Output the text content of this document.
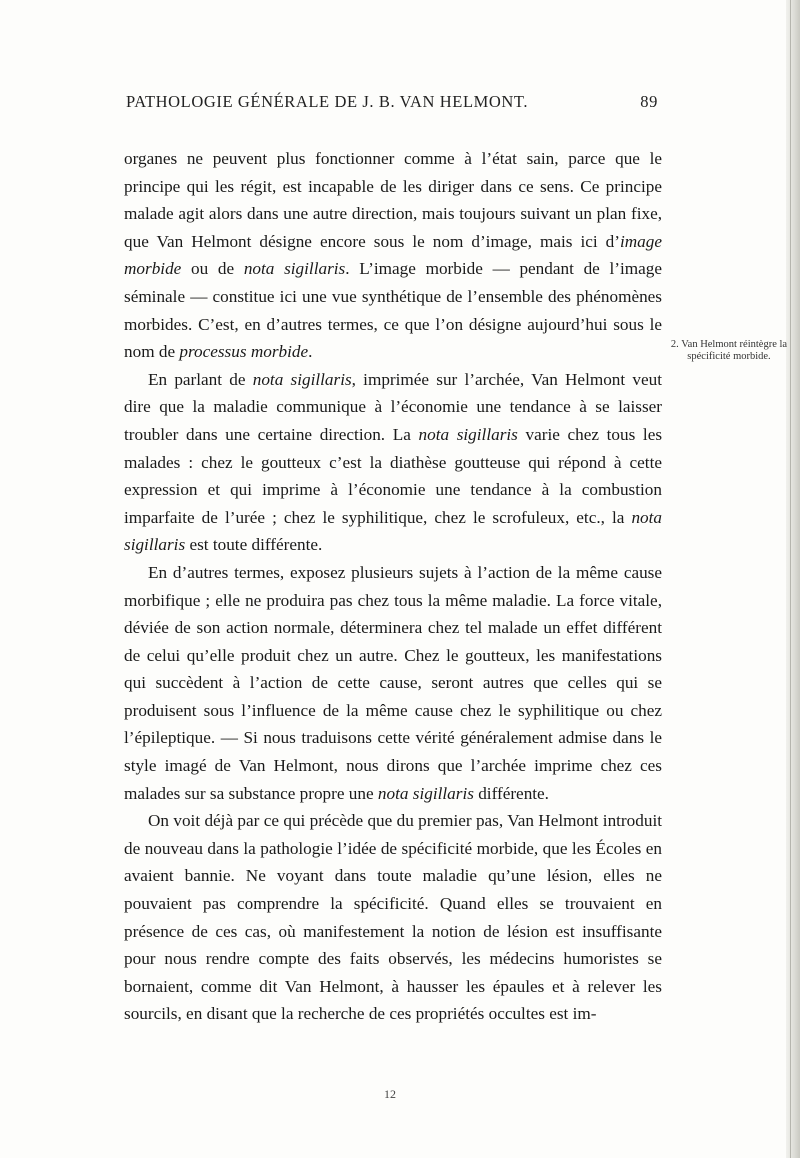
PATHOLOGIE GÉNÉRALE DE J. B. VAN HELMONT.	89

organes ne peuvent plus fonctionner comme à l’état sain, parce que le principe qui les régit, est incapable de les diriger dans ce sens. Ce principe malade agit alors dans une autre direction, mais toujours suivant un plan fixe, que Van Helmont désigne encore sous le nom d’image, mais ici d’image morbide ou de nota sigillaris. L’image morbide — pendant de l’image séminale — constitue ici une vue synthétique de l’ensemble des phénomènes morbides. C’est, en d’autres termes, ce que l’on désigne aujourd’hui sous le nom de processus morbide.

En parlant de nota sigillaris, imprimée sur l’archée, Van Helmont veut dire que la maladie communique à l’économie une tendance à se laisser troubler dans une certaine direction. La nota sigillaris varie chez tous les malades : chez le goutteux c’est la diathèse goutteuse qui répond à cette expression et qui imprime à l’économie une tendance à la combustion imparfaite de l’urée ; chez le syphilitique, chez le scrofuleux, etc., la nota sigillaris est toute différente.

En d’autres termes, exposez plusieurs sujets à l’action de la même cause morbifique ; elle ne produira pas chez tous la même maladie. La force vitale, déviée de son action normale, déterminera chez tel malade un effet différent de celui qu’elle produit chez un autre. Chez le goutteux, les manifestations qui succèdent à l’action de cette cause, seront autres que celles qui se produisent sous l’influence de la même cause chez le syphilitique ou chez l’épileptique. — Si nous traduisons cette vérité généralement admise dans le style imagé de Van Helmont, nous dirons que l’archée imprime chez ces malades sur sa substance propre une nota sigillaris différente.

On voit déjà par ce qui précède que du premier pas, Van Helmont introduit de nouveau dans la pathologie l’idée de spécificité morbide, que les Écoles en avaient bannie. Ne voyant dans toute maladie qu’une lésion, elles ne pouvaient pas comprendre la spécificité. Quand elles se trouvaient en présence de ces cas, où manifestement la notion de lésion est insuffisante pour nous rendre compte des faits observés, les médecins humoristes se bornaient, comme dit Van Helmont, à hausser les épaules et à relever les sourcils, en disant que la recherche de ces propriétés occultes est im-

2. Van Helmont réintègre la spécificité morbide.
12
